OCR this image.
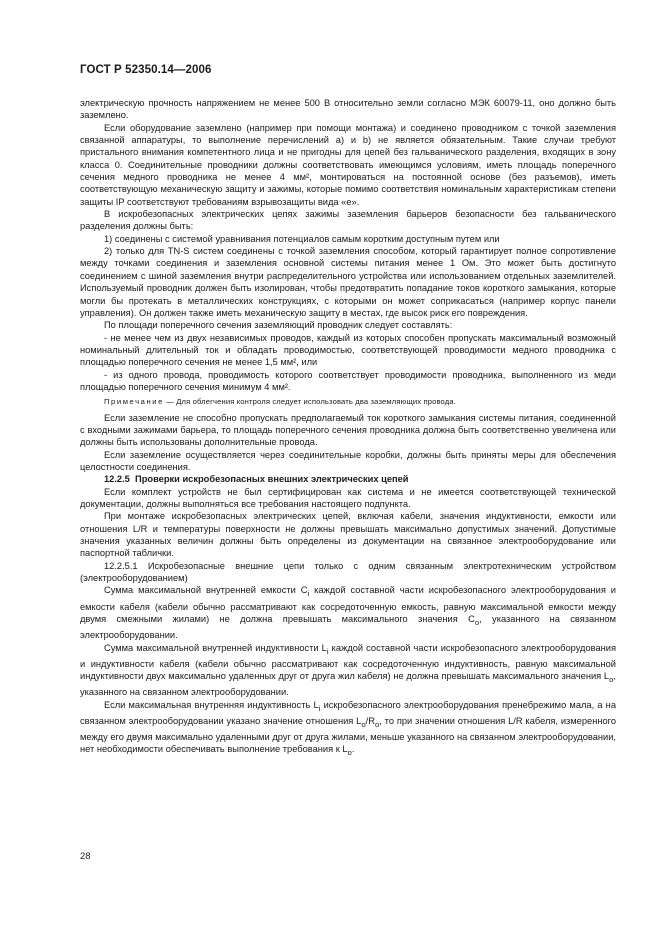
ГОСТ Р 52350.14—2006

электрическую прочность напряжением не менее 500 В относительно земли согласно МЭК 60079-11, оно должно быть заземлено.

Если оборудование заземлено (например при помощи монтажа) и соединено проводником с точкой заземления связанной аппаратуры, то выполнение перечислений а) и b) не является обязательным. Такие случаи требуют пристального внимания компетентного лица и не пригодны для цепей без гальванического разделения, входящих в зону класса 0. Соединительные проводники должны соответствовать имеющимся условиям, иметь площадь поперечного сечения медного проводника не менее 4 мм², монтироваться на постоянной основе (без разъемов), иметь соответствующую механическую защиту и зажимы, которые помимо соответствия номинальным характеристикам степени защиты IP соответствуют требованиям взрывозащиты вида «е».

В искробезопасных электрических цепях зажимы заземления барьеров безопасности без гальванического разделения должны быть:

1) соединены с системой уравнивания потенциалов самым коротким доступным путем или

2) только для TN-S систем соединены с точкой заземления способом, который гарантирует полное сопротивление между точками соединения и заземления основной системы питания менее 1 Ом. Это может быть достигнуто соединением с шиной заземления внутри распределительного устройства или использованием отдельных заземлителей. Используемый проводник должен быть изолирован, чтобы предотвратить попадание токов короткого замыкания, которые могли бы протекать в металлических конструкциях, с которыми он может соприкасаться (например корпус панели управления). Он должен также иметь механическую защиту в местах, где высок риск его повреждения.

По площади поперечного сечения заземляющий проводник следует составлять:

- не менее чем из двух независимых проводов, каждый из которых способен пропускать максимальный возможный номинальный длительный ток и обладать проводимостью, соответствующей проводимости медного проводника с площадью поперечного сечения не менее 1,5 мм², или

- из одного провода, проводимость которого соответствует проводимости проводника, выполненного из меди площадью поперечного сечения минимум 4 мм².

Примечание — Для облегчения контроля следует использовать два заземляющих провода.

Если заземление не способно пропускать предполагаемый ток короткого замыкания системы питания, соединенной с входными зажимами барьера, то площадь поперечного сечения проводника должна быть соответственно увеличена или должны быть использованы дополнительные провода.

Если заземление осуществляется через соединительные коробки, должны быть приняты меры для обеспечения целостности соединения.

12.2.5 Проверки искробезопасных внешних электрических цепей

Если комплект устройств не был сертифицирован как система и не имеется соответствующей технической документации, должны выполняться все требования настоящего подпункта.

При монтаже искробезопасных электрических цепей, включая кабели, значения индуктивности, емкости или отношения L/R и температуры поверхности не должны превышать максимально допустимых значений. Допустимые значения указанных величин должны быть определены из документации на связанное электрооборудование или паспортной таблички.

12.2.5.1 Искробезопасные внешние цепи только с одним связанным электротехническим устройством (электрооборудованием)

Сумма максимальной внутренней емкости $C_i$ каждой составной части искробезопасного электрооборудования и емкости кабеля (кабели обычно рассматривают как сосредоточенную емкость, равную максимальной емкости между двумя смежными жилами) не должна превышать максимального значения $C_o$, указанного на связанном электрооборудовании.

Сумма максимальной внутренней индуктивности $L_i$ каждой составной части искробезопасного электрооборудования и индуктивности кабеля (кабели обычно рассматривают как сосредоточенную индуктивность, равную максимальной индуктивности двух максимально удаленных друг от друга жил кабеля) не должна превышать максимального значения $L_o$, указанного на связанном электрооборудовании.

Если максимальная внутренняя индуктивность $L_i$ искробезопасного электрооборудования пренебрежимо мала, а на связанном электрооборудовании указано значение отношения $L_o/R_o$, то при значении отношения L/R кабеля, измеренного между его двумя максимально удаленными друг от друга жилами, меньше указанного на связанном электрооборудовании, нет необходимости обеспечивать выполнение требования к $L_o$.

28
